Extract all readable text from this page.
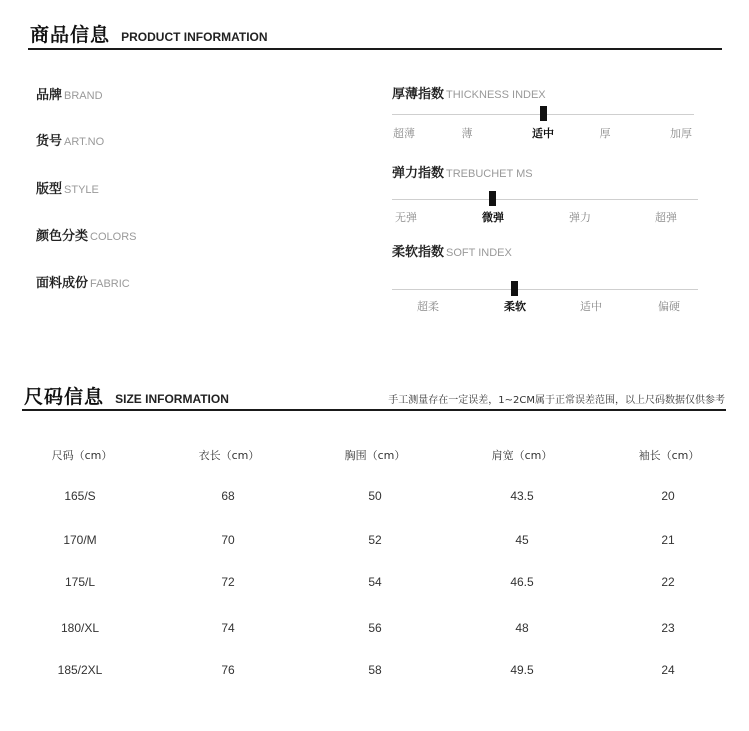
商品信息 PRODUCT INFORMATION
品牌 BRAND
货号 ART.NO
版型 STYLE
颜色分类 COLORS
面料成份 FABRIC
厚薄指数 THICKNESS INDEX
超薄	薄	适中	厚	加厚
弹力指数 TREBUCHET MS
无弹	微弹	弹力	超弹
柔软指数 SOFT INDEX
超柔	柔软	适中	偏硬
尺码信息 SIZE INFORMATION	手工测量存在一定误差，1~2CM属于正常误差范围，以上尺码数据仅供参考
尺码（cm）	衣长（cm）	胸围（cm）	肩宽（cm）	袖长（cm）
165/S	68	50	43.5	20
170/M	70	52	45	21
175/L	72	54	46.5	22
180/XL	74	56	48	23
185/2XL	76	58	49.5	24
